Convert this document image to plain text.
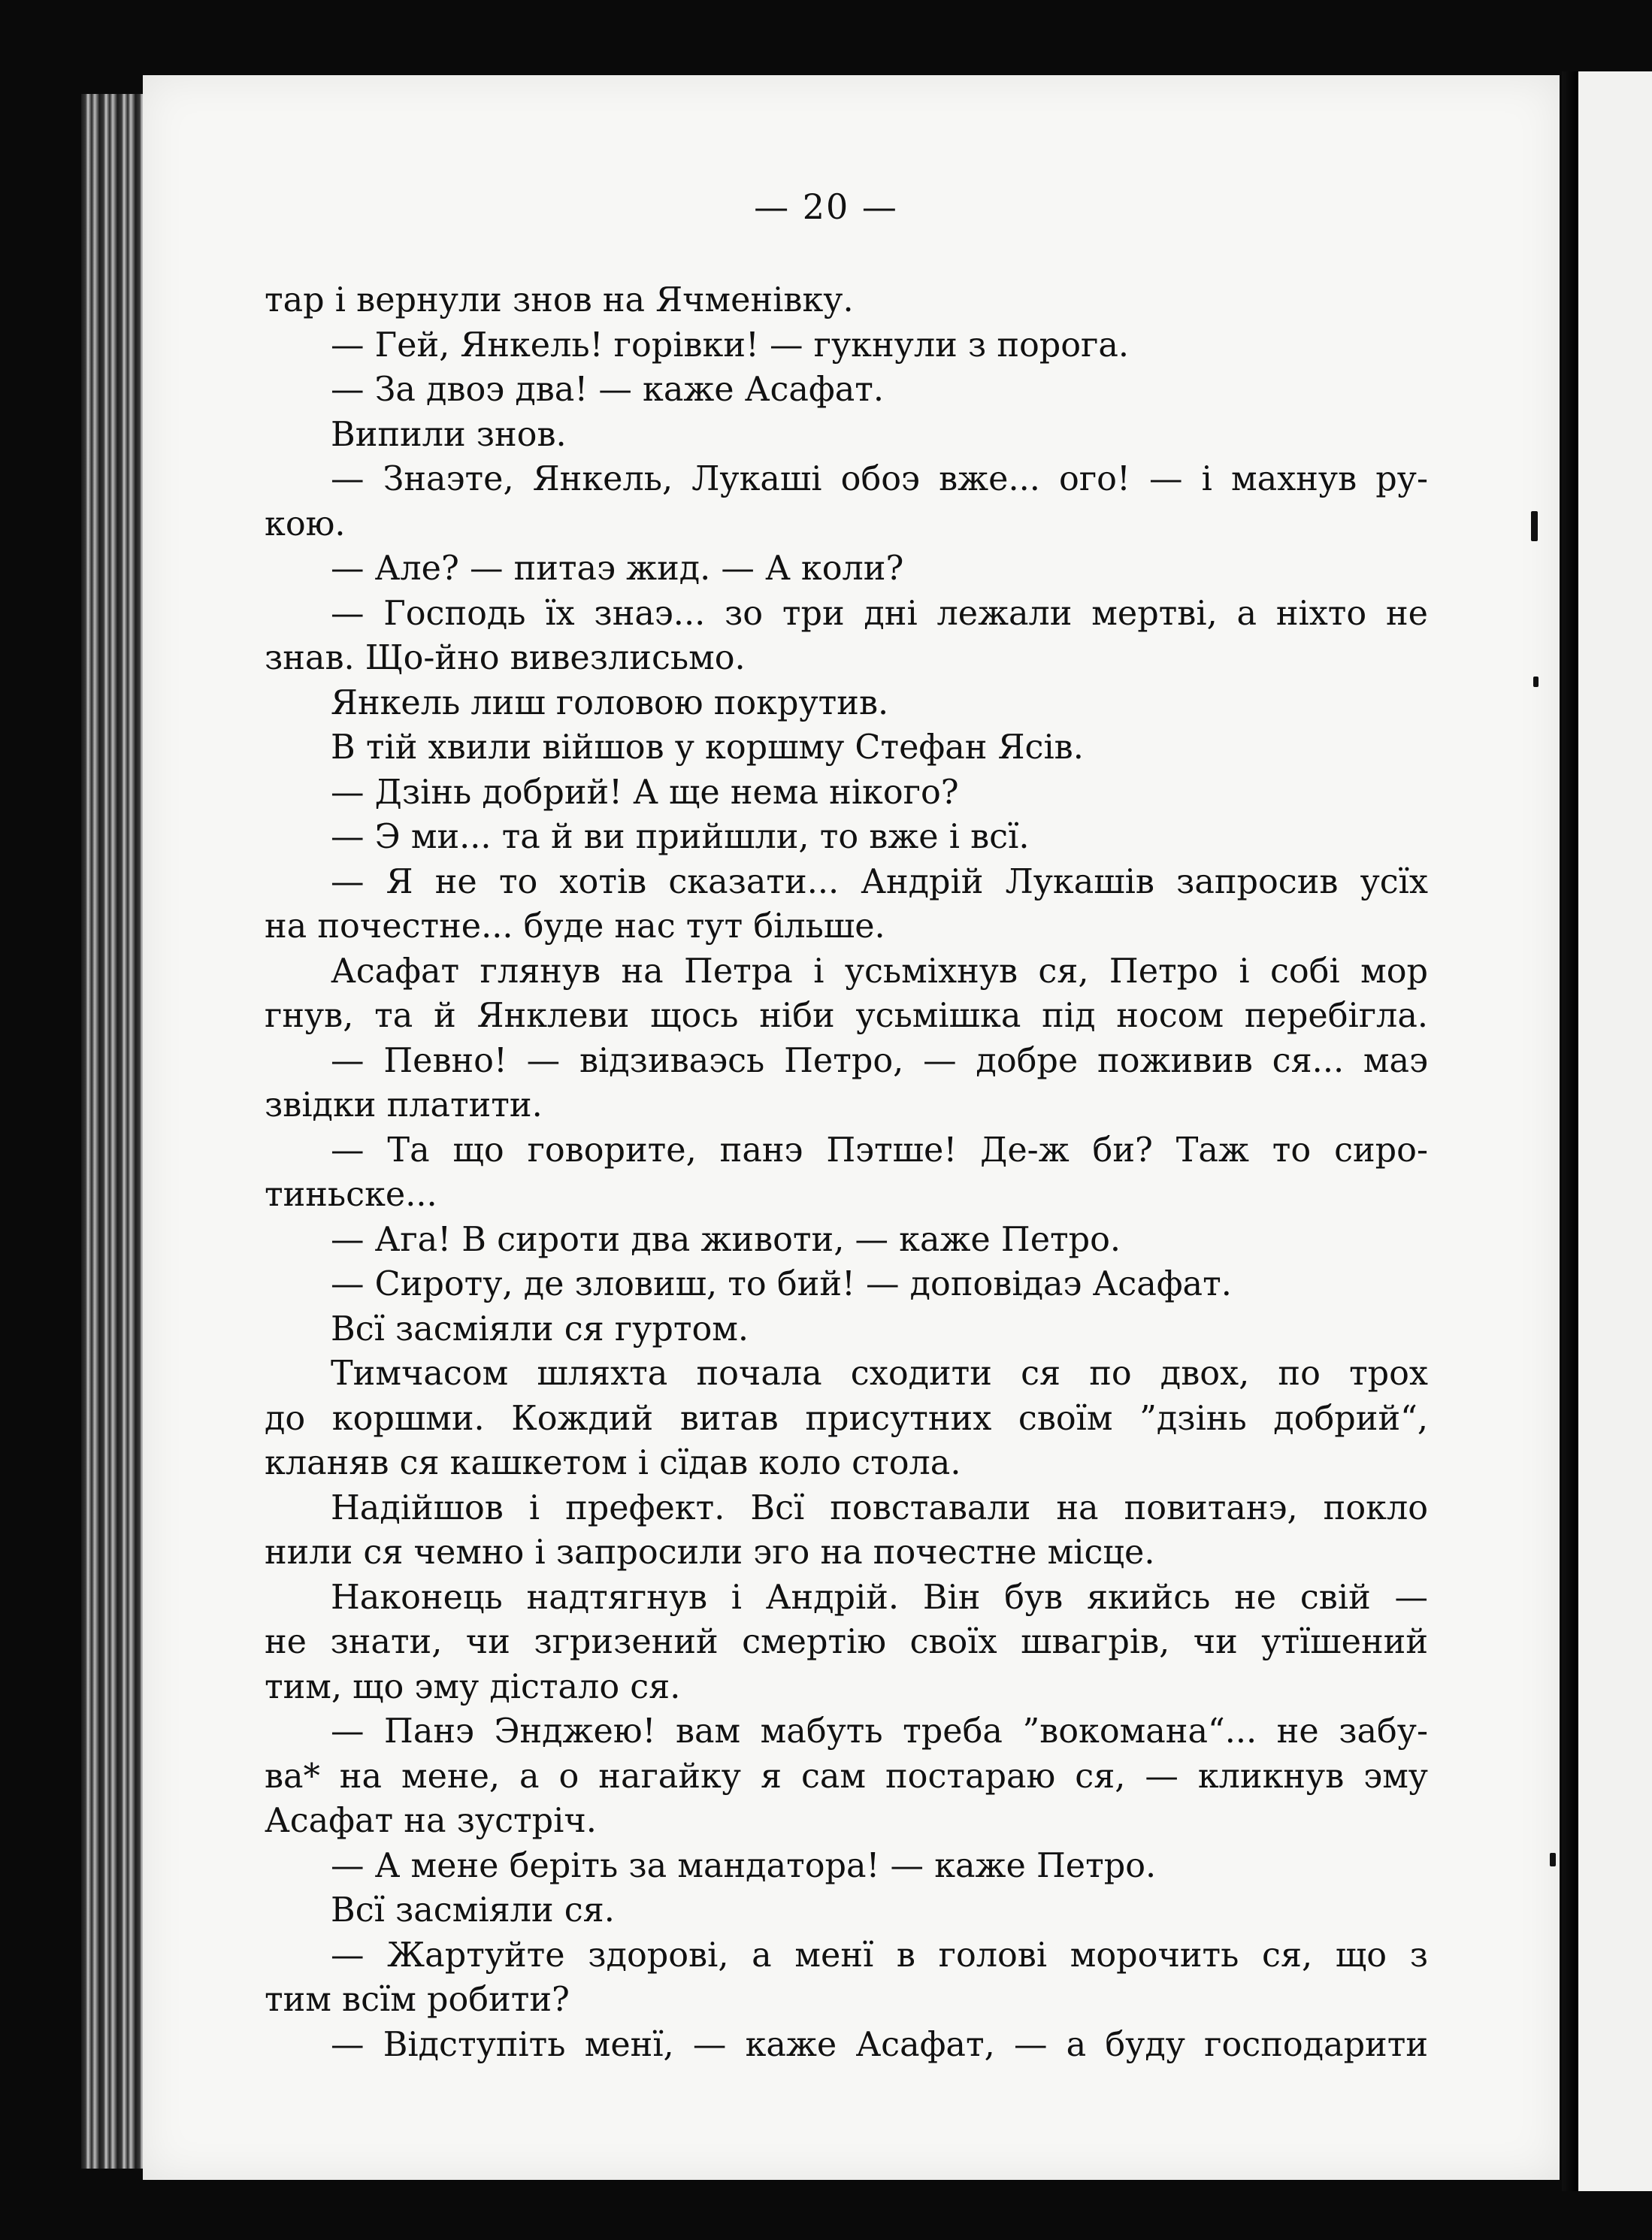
— 20 —
тар і вернули знов на Ячменівку.
— Гей, Янкель! горівки! — гукнули з порога.
— За двоэ два! — каже Асафат.
Випили знов.
— Знаэте, Янкель, Лукаші обоэ вже... ого! — і махнув ру-
кою.
— Але? — питаэ жид. — А коли?
— Господь їх знаэ... зо три дні лежали мертві, а ніхто не
знав. Що-йно вивезлисьмо.
Янкель лиш головою покрутив.
В тій хвили війшов у коршму Стефан Ясів.
— Дзінь добрий! А ще нема нікого?
— Э ми... та й ви прийшли, то вже і всї.
— Я не то хотів сказати... Андрій Лукашів запросив усїх
на почестне... буде нас тут більше.
Асафат глянув на Петра і усьміхнув ся, Петро і собі мор
гнув, та й Янклеви щось ніби усьмішка під носом перебігла.
— Певно! — відзиваэсь Петро, — добре поживив ся... маэ
звідки платити.
— Та що говорите, панэ Пэтше! Де-ж би? Таж то сиро-
тиньске...
— Ага! В сироти два животи, — каже Петро.
— Сироту, де зловиш, то бий! — доповідаэ Асафат.
Всї засміяли ся гуртом.
Тимчасом шляхта почала сходити ся по двох, по трох
до коршми. Кождий витав присутних своїм ”дзінь добрий“,
кланяв ся кашкетом і сїдав коло стола.
Надійшов і префект. Всї повставали на повитанэ, покло
нили ся чемно і запросили эго на почестне місце.
Наконець надтягнув і Андрій. Він був якийсь не свій —
не знати, чи згризений смертію своїх швагрів, чи утїшений
тим, що эму дістало ся.
— Панэ Энджею! вам мабуть треба ”вокомана“... не забу-
ва* на мене, а о нагайку я сам постараю ся, — кликнув эму
Асафат на зустріч.
— А мене беріть за мандатора! — каже Петро.
Всї засміяли ся.
— Жартуйте здорові, а менї в голові морочить ся, що з
тим всїм робити?
— Відступіть менї, — каже Асафат, — а буду господарити
